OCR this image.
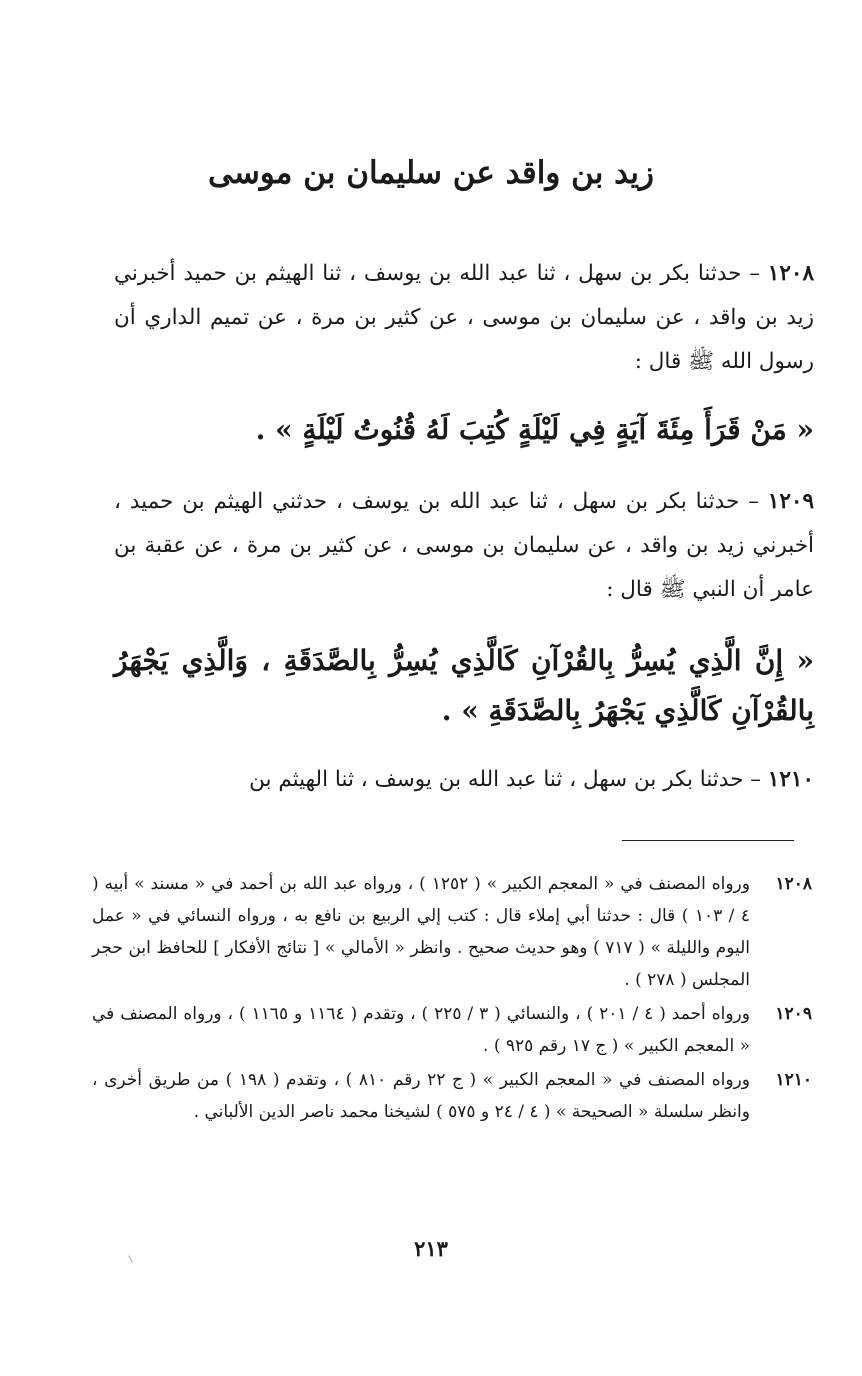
زيد بن واقد عن سليمان بن موسى

١٢٠٨ – حدثنا بكر بن سهل ، ثنا عبد الله بن يوسف ، ثنا الهيثم بن حميد أخبرني زيد بن واقد ، عن سليمان بن موسى ، عن كثير بن مرة ، عن تميم الداري أن رسول الله ﷺ قال :

« مَنْ قَرَأَ مِئَةَ آيَةٍ فِي لَيْلَةٍ كُتِبَ لَهُ قُنُوتُ لَيْلَةٍ » .

١٢٠٩ – حدثنا بكر بن سهل ، ثنا عبد الله بن يوسف ، حدثني الهيثم بن حميد ، أخبرني زيد بن واقد ، عن سليمان بن موسى ، عن كثير بن مرة ، عن عقبة بن عامر أن النبي ﷺ قال :

« إِنَّ الَّذِي يُسِرُّ بِالقُرْآنِ كَالَّذِي يُسِرُّ بِالصَّدَقَةِ ، وَالَّذِي يَجْهَرُ بِالقُرْآنِ كَالَّذِي يَجْهَرُ بِالصَّدَقَةِ » .

١٢١٠ – حدثنا بكر بن سهل ، ثنا عبد الله بن يوسف ، ثنا الهيثم بن

١٢٠٨ورواه المصنف في « المعجم الكبير » ( ١٢٥٢ ) ، ورواه عبد الله بن أحمد في « مسند » أبيه ( ٤ / ١٠٣ ) قال : حدثنا أبي إملاء قال : كتب إلي الربيع بن نافع به ، ورواه النسائي في « عمل اليوم والليلة » ( ٧١٧ ) وهو حديث صحيح . وانظر « الأمالي » [ نتائج الأفكار ] للحافظ ابن حجر المجلس ( ٢٧٨ ) .

١٢٠٩ورواه أحمد ( ٤ / ٢٠١ ) ، والنسائي ( ٣ / ٢٢٥ ) ، وتقدم ( ١١٦٤ و ١١٦٥ ) ، ورواه المصنف في « المعجم الكبير » ( ج ١٧ رقم ٩٢٥ ) .

١٢١٠ورواه المصنف في « المعجم الكبير » ( ج ٢٢ رقم ٨١٠ ) ، وتقدم ( ١٩٨ ) من طريق أخرى ، وانظر سلسلة « الصحيحة » ( ٤ / ٢٤ و ٥٧٥ ) لشيخنا محمد ناصر الدين الألباني .

٢١٣
